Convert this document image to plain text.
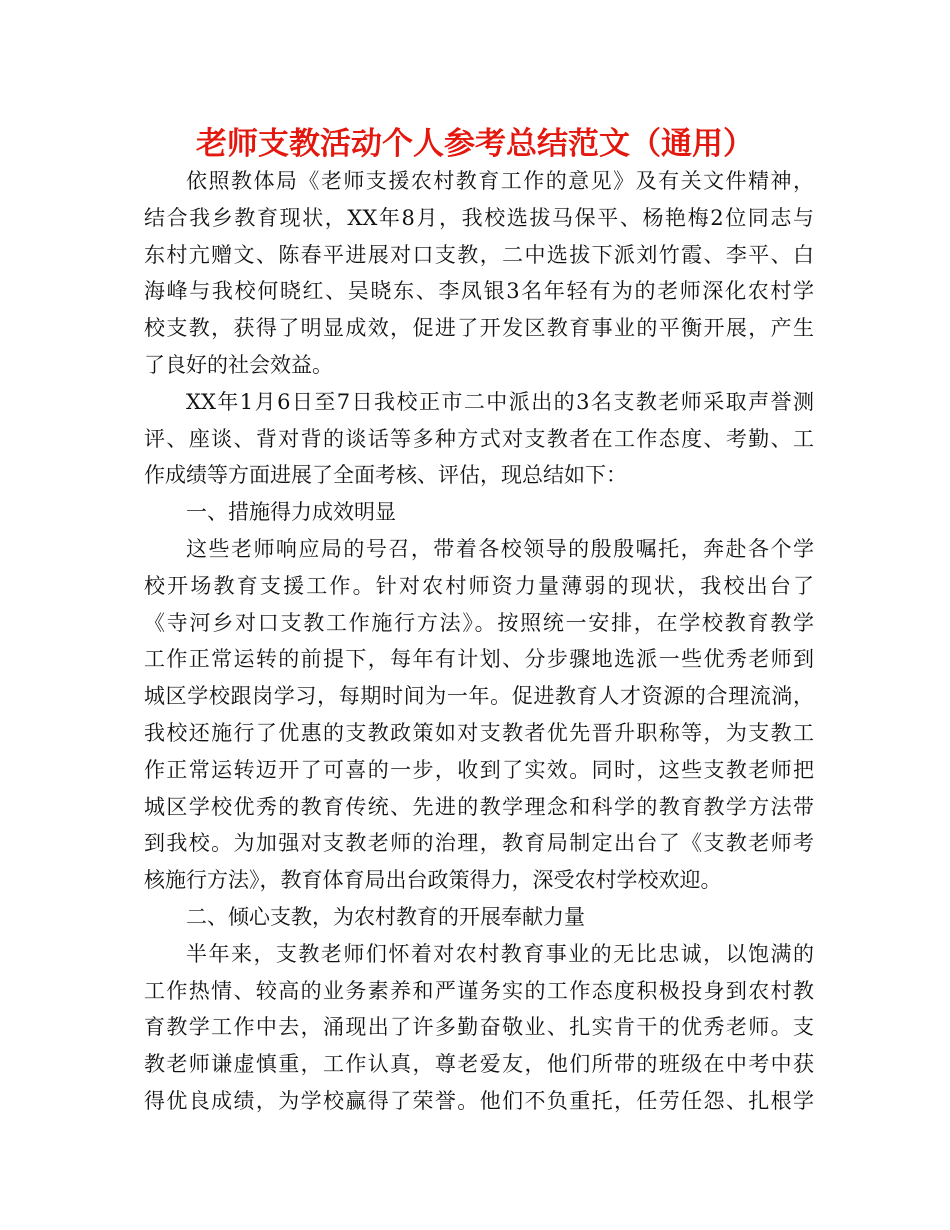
老师支教活动个人参考总结范文（通用）
依照教体局《老师支援农村教育工作的意见》及有关文件精神，
结合我乡教育现状，XX年8月，我校选拔马保平、杨艳梅2位同志与
东村亢赠文、陈春平进展对口支教，二中选拔下派刘竹霞、李平、白
海峰与我校何晓红、吴晓东、李凤银3名年轻有为的老师深化农村学
校支教，获得了明显成效，促进了开发区教育事业的平衡开展，产生
了良好的社会效益。
XX年1月6日至7日我校正市二中派出的3名支教老师采取声誉测
评、座谈、背对背的谈话等多种方式对支教者在工作态度、考勤、工
作成绩等方面进展了全面考核、评估，现总结如下：
一、措施得力成效明显
这些老师响应局的号召，带着各校领导的殷殷嘱托，奔赴各个学
校开场教育支援工作。针对农村师资力量薄弱的现状，我校出台了
《寺河乡对口支教工作施行方法》。按照统一安排，在学校教育教学
工作正常运转的前提下，每年有计划、分步骤地选派一些优秀老师到
城区学校跟岗学习，每期时间为一年。促进教育人才资源的合理流淌，
我校还施行了优惠的支教政策如对支教者优先晋升职称等，为支教工
作正常运转迈开了可喜的一步，收到了实效。同时，这些支教老师把
城区学校优秀的教育传统、先进的教学理念和科学的教育教学方法带
到我校。为加强对支教老师的治理，教育局制定出台了《支教老师考
核施行方法》，教育体育局出台政策得力，深受农村学校欢迎。
二、倾心支教，为农村教育的开展奉献力量
半年来，支教老师们怀着对农村教育事业的无比忠诚，以饱满的
工作热情、较高的业务素养和严谨务实的工作态度积极投身到农村教
育教学工作中去，涌现出了许多勤奋敬业、扎实肯干的优秀老师。支
教老师谦虚慎重，工作认真，尊老爱友，他们所带的班级在中考中获
得优良成绩，为学校赢得了荣誉。他们不负重托，任劳任怨、扎根学
